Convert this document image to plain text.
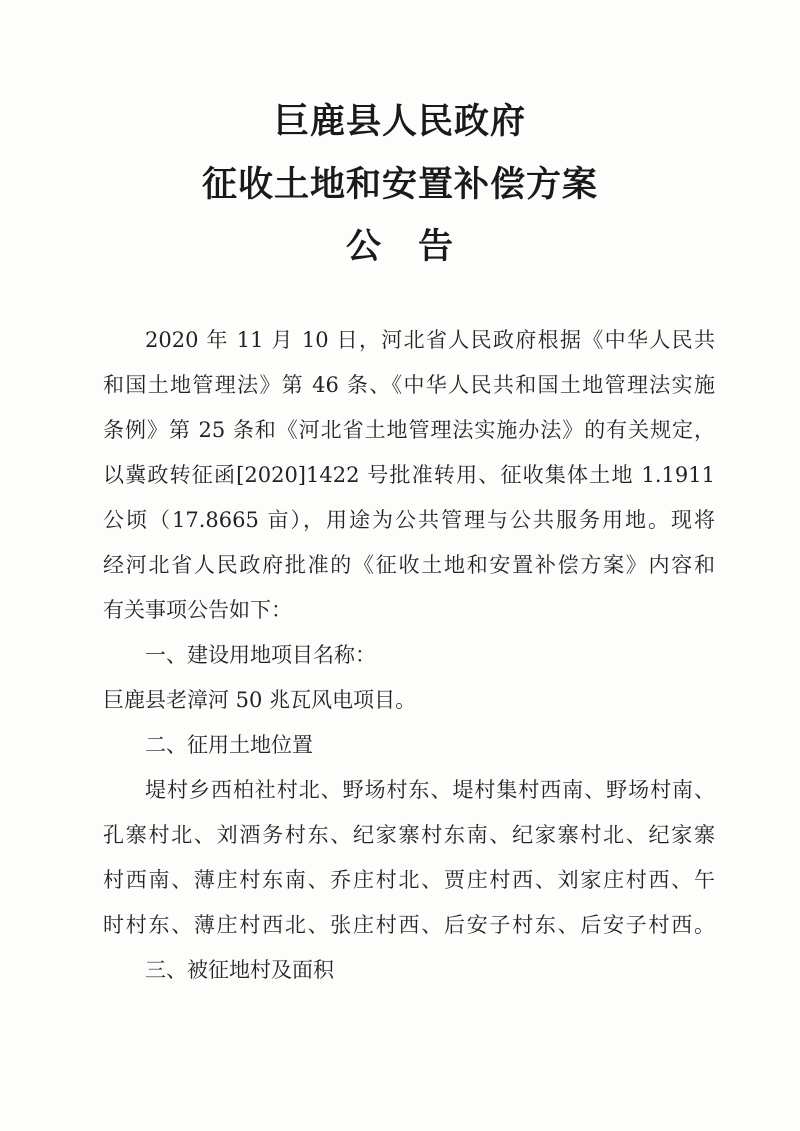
巨鹿县人民政府
征收土地和安置补偿方案
公　告
2020 年 11 月 10 日，河北省人民政府根据《中华人民共
和国土地管理法》第 46 条、《中华人民共和国土地管理法实施
条例》第 25 条和《河北省土地管理法实施办法》的有关规定，
以冀政转征函[2020]1422 号批准转用、征收集体土地 1.1911
公顷（17.8665 亩），用途为公共管理与公共服务用地。现将
经河北省人民政府批准的《征收土地和安置补偿方案》内容和
有关事项公告如下：
一、建设用地项目名称：
巨鹿县老漳河 50 兆瓦风电项目。
二、征用土地位置
堤村乡西柏社村北、野场村东、堤村集村西南、野场村南、
孔寨村北、刘酒务村东、纪家寨村东南、纪家寨村北、纪家寨
村西南、薄庄村东南、乔庄村北、贾庄村西、刘家庄村西、午
时村东、薄庄村西北、张庄村西、后安子村东、后安子村西。
三、被征地村及面积
